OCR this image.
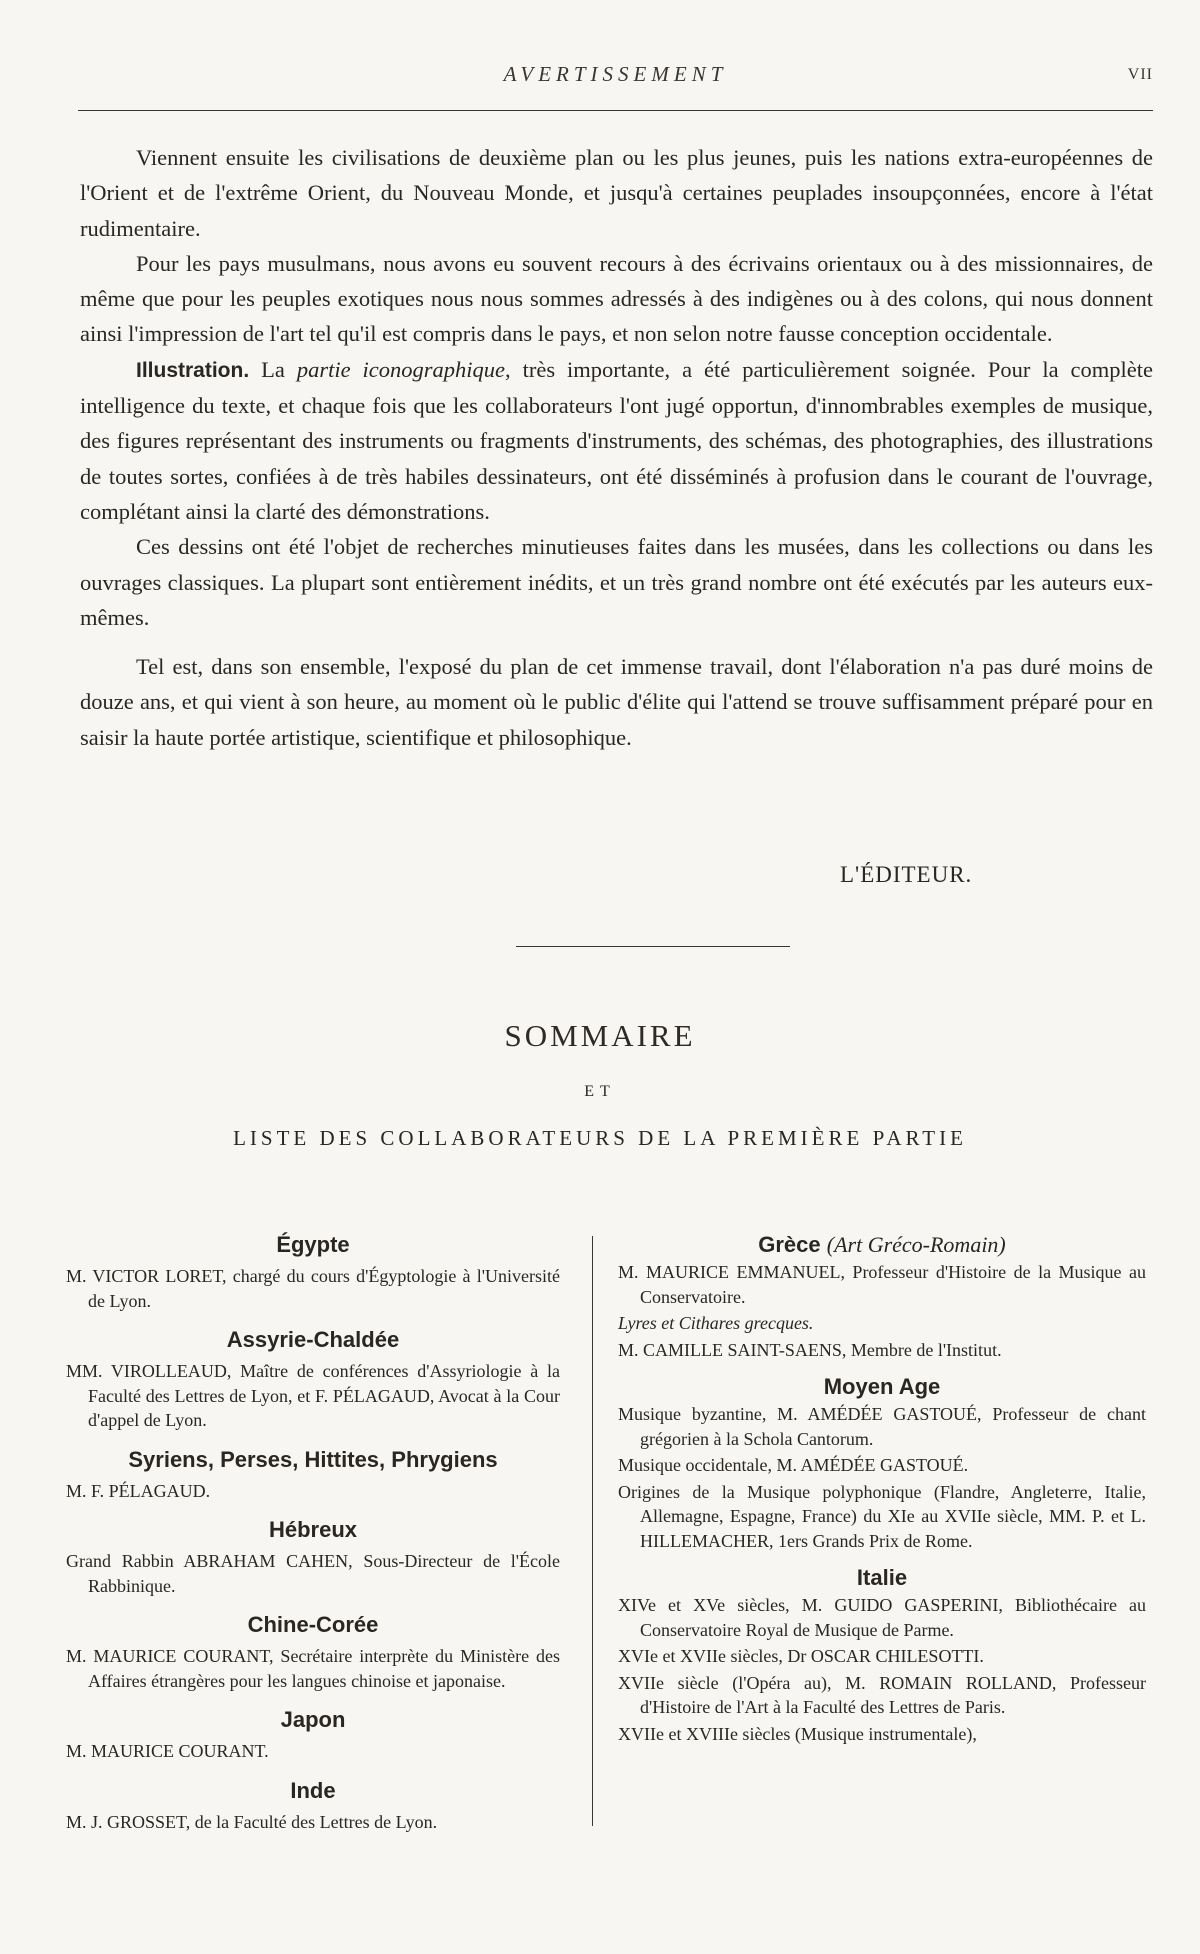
AVERTISSEMENT	VII

Viennent ensuite les civilisations de deuxième plan ou les plus jeunes, puis les nations extra-européennes de l'Orient et de l'extrême Orient, du Nouveau Monde, et jusqu'à certaines peuplades insoupçonnées, encore à l'état rudimentaire.

Pour les pays musulmans, nous avons eu souvent recours à des écrivains orientaux ou à des missionnaires, de même que pour les peuples exotiques nous nous sommes adressés à des indigènes ou à des colons, qui nous donnent ainsi l'impression de l'art tel qu'il est compris dans le pays, et non selon notre fausse conception occidentale.

Illustration. La partie iconographique, très importante, a été particulièrement soignée. Pour la complète intelligence du texte, et chaque fois que les collaborateurs l'ont jugé opportun, d'innombrables exemples de musique, des figures représentant des instruments ou fragments d'instruments, des schémas, des photographies, des illustrations de toutes sortes, confiées à de très habiles dessinateurs, ont été disséminés à profusion dans le courant de l'ouvrage, complétant ainsi la clarté des démonstrations.

Ces dessins ont été l'objet de recherches minutieuses faites dans les musées, dans les collections ou dans les ouvrages classiques. La plupart sont entièrement inédits, et un très grand nombre ont été exécutés par les auteurs eux-mêmes.

Tel est, dans son ensemble, l'exposé du plan de cet immense travail, dont l'élaboration n'a pas duré moins de douze ans, et qui vient à son heure, au moment où le public d'élite qui l'attend se trouve suffisamment préparé pour en saisir la haute portée artistique, scientifique et philosophique.

L'ÉDITEUR.
SOMMAIRE
ET
LISTE DES COLLABORATEURS DE LA PREMIÈRE PARTIE
Égypte

M. VICTOR LORET, chargé du cours d'Égyptologie à l'Université de Lyon.

Assyrie-Chaldée

MM. VIROLLEAUD, Maître de conférences d'Assyriologie à la Faculté des Lettres de Lyon, et F. PÉLAGAUD, Avocat à la Cour d'appel de Lyon.

Syriens, Perses, Hittites, Phrygiens

M. F. PÉLAGAUD.

Hébreux

Grand Rabbin ABRAHAM CAHEN, Sous-Directeur de l'École Rabbinique.

Chine-Corée

M. MAURICE COURANT, Secrétaire interprète du Ministère des Affaires étrangères pour les langues chinoise et japonaise.

Japon

M. MAURICE COURANT.

Inde

M. J. GROSSET, de la Faculté des Lettres de Lyon.

Grèce (Art Gréco-Romain)

M. MAURICE EMMANUEL, Professeur d'Histoire de la Musique au Conservatoire.

Lyres et Cithares grecques.

M. CAMILLE SAINT-SAENS, Membre de l'Institut.

Moyen Age

Musique byzantine, M. AMÉDÉE GASTOUÉ, Professeur de chant grégorien à la Schola Cantorum.

Musique occidentale, M. AMÉDÉE GASTOUÉ.

Origines de la Musique polyphonique (Flandre, Angleterre, Italie, Allemagne, Espagne, France) du XIe au XVIIe siècle, MM. P. et L. HILLEMACHER, 1ers Grands Prix de Rome.

Italie

XIVe et XVe siècles, M. GUIDO GASPERINI, Bibliothécaire au Conservatoire Royal de Musique de Parme.

XVIe et XVIIe siècles, Dr OSCAR CHILESOTTI.

XVIIe siècle (l'Opéra au), M. ROMAIN ROLLAND, Professeur d'Histoire de l'Art à la Faculté des Lettres de Paris.

XVIIe et XVIIIe siècles (Musique instrumentale),
